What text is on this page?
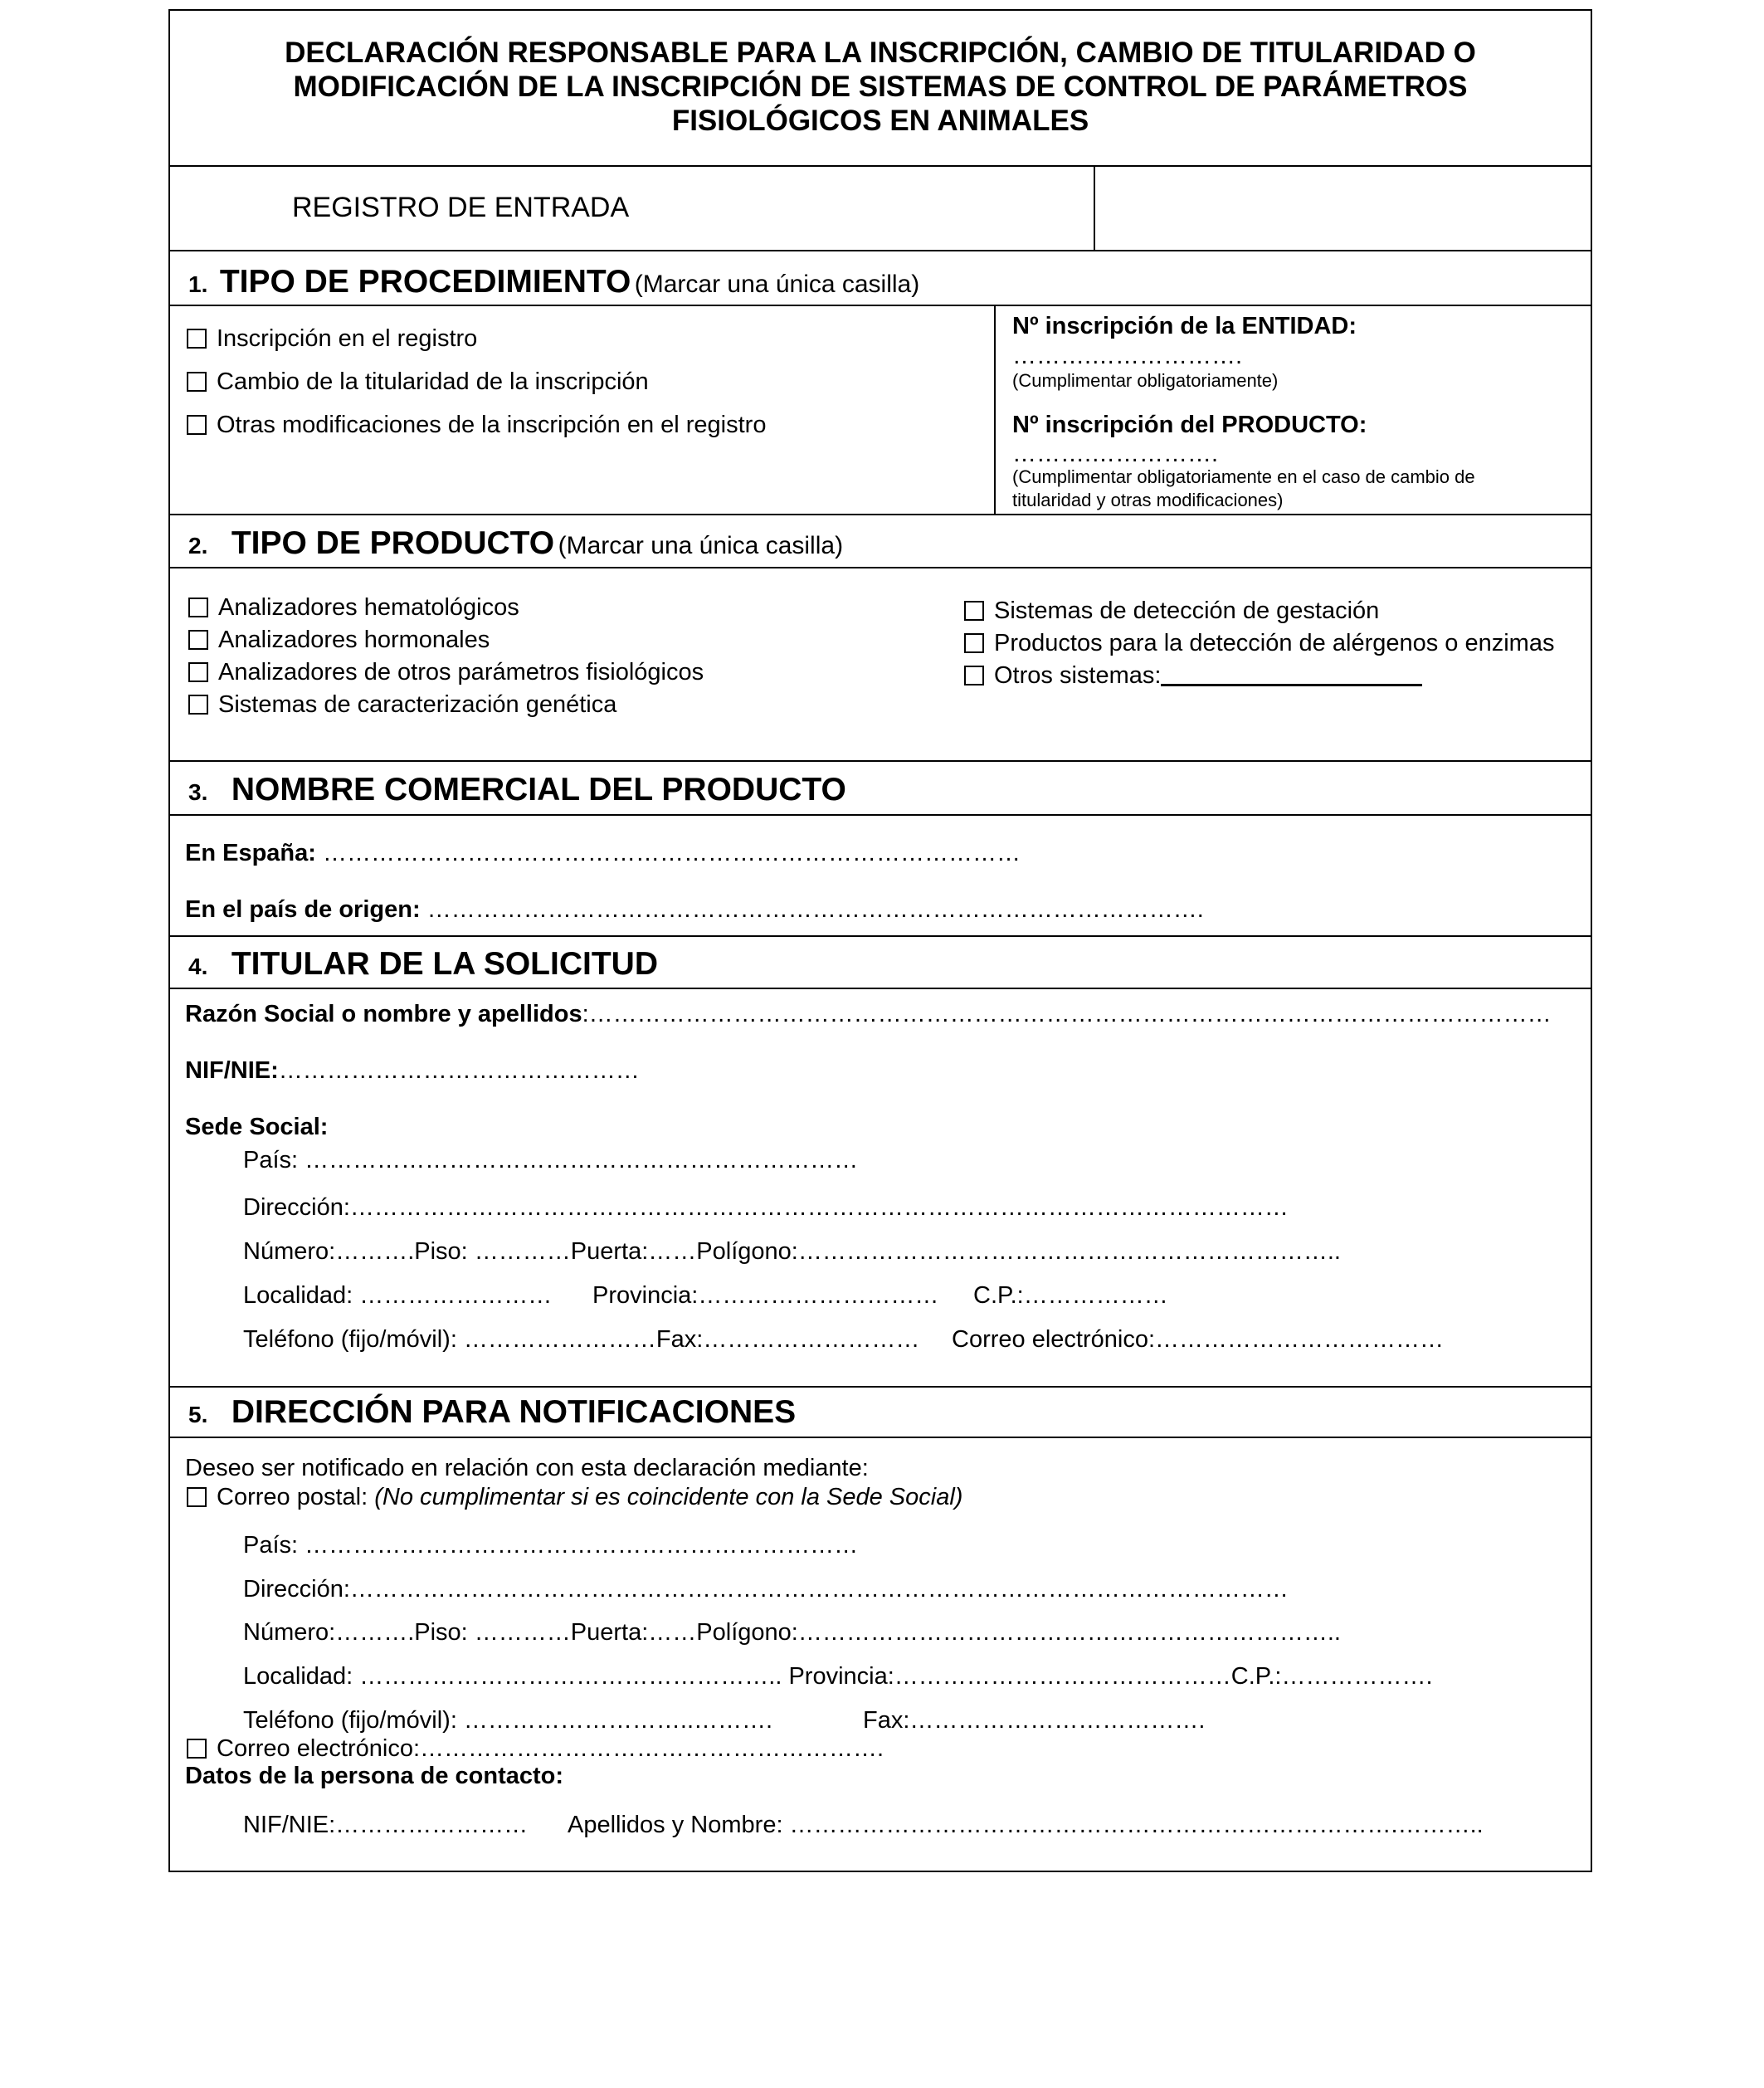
DECLARACIÓN RESPONSABLE PARA LA INSCRIPCIÓN, CAMBIO DE TITULARIDAD O
MODIFICACIÓN DE LA INSCRIPCIÓN DE SISTEMAS DE CONTROL DE PARÁMETROS
FISIOLÓGICOS EN ANIMALES
REGISTRO DE ENTRADA
1. TIPO DE PROCEDIMIENTO (Marcar una única casilla)
Inscripción en el registro
Cambio de la titularidad de la inscripción
Otras modificaciones de la inscripción en el registro
Nº inscripción de la ENTIDAD:
……….……………….
(Cumplimentar obligatoriamente)
Nº inscripción del PRODUCTO:
……….…………….
(Cumplimentar obligatoriamente en el caso de cambio de
titularidad y otras modificaciones)
2. TIPO DE PRODUCTO (Marcar una única casilla)
Analizadores hematológicos
Analizadores hormonales
Analizadores de otros parámetros fisiológicos
Sistemas de caracterización genética
Sistemas de detección de gestación
Productos para la detección de alérgenos o enzimas
Otros sistemas:
3. NOMBRE COMERCIAL DEL PRODUCTO
En España: ……………………………………………………………………………
En el país de origen: …………………………………………………………………………………….
4. TITULAR DE LA SOLICITUD
Razón Social o nombre y apellidos:…………………………………………………………………………………………………………
NIF/NIE:………………………………………
Sede Social:
País: ……………………………………………………………
Dirección:………………………………………………………………………………………………………
Número:……….Piso: …………Puerta:……Polígono:…………………………………………………………..
Localidad: …………………… Provincia:………………………… C.P.:………………
Teléfono (fijo/móvil): ……………………Fax:……………………… Correo electrónico:………………………………
5. DIRECCIÓN PARA NOTIFICACIONES
Deseo ser notificado en relación con esta declaración mediante:
Correo postal: (No cumplimentar si es coincidente con la Sede Social)
País: ……………………………………………………………
Dirección:………………………………………………………………………………………………………
Número:……….Piso: …………Puerta:……Polígono:…………………………………………………………..
Localidad: …………………………………………….. Provincia:……………………………………C.P.:……………….
Teléfono (fijo/móvil): ………………………..……….	Fax:……………………………….
Correo electrónico:………………………………………………….
Datos de la persona de contacto:
NIF/NIE:…………………… Apellidos y Nombre: ………………………………………………………………….………..
